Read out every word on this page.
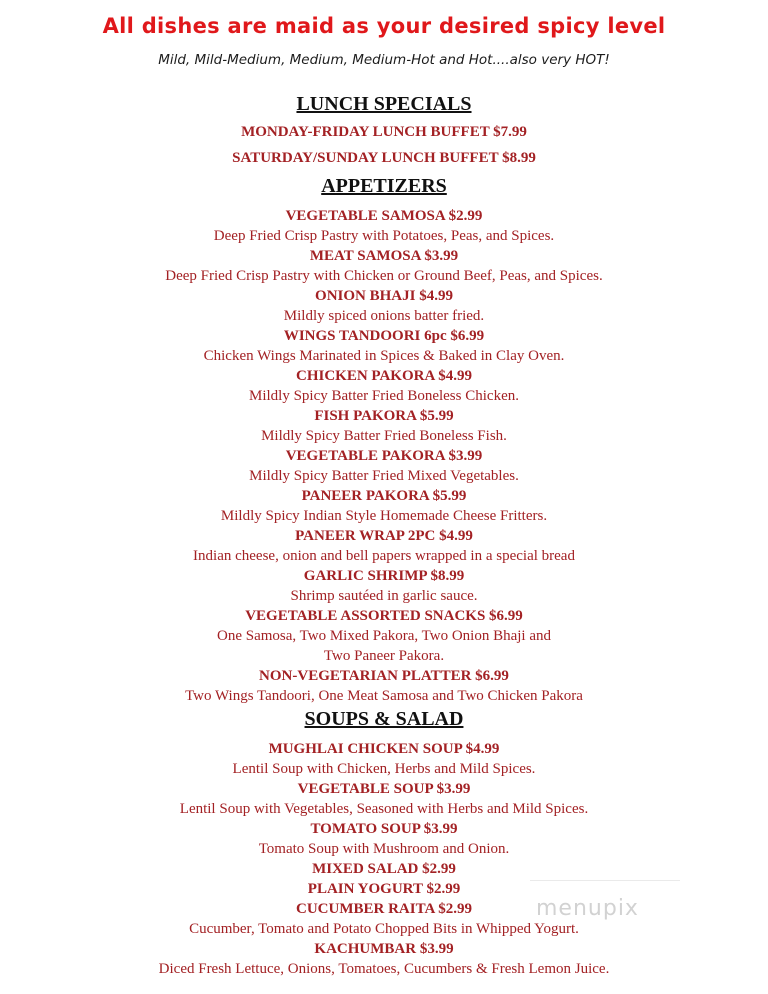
All dishes are maid as your desired spicy level
Mild, Mild-Medium, Medium, Medium-Hot and Hot....also very HOT!
LUNCH SPECIALS
MONDAY-FRIDAY LUNCH BUFFET $7.99
SATURDAY/SUNDAY LUNCH BUFFET $8.99
APPETIZERS
VEGETABLE SAMOSA $2.99
Deep Fried Crisp Pastry with Potatoes, Peas, and Spices.
MEAT SAMOSA $3.99
Deep Fried Crisp Pastry with Chicken or Ground Beef, Peas, and Spices.
ONION BHAJI $4.99
Mildly spiced onions batter fried.
WINGS TANDOORI 6pc $6.99
Chicken Wings Marinated in Spices & Baked in Clay Oven.
CHICKEN PAKORA $4.99
Mildly Spicy Batter Fried Boneless Chicken.
FISH PAKORA $5.99
Mildly Spicy Batter Fried Boneless Fish.
VEGETABLE PAKORA $3.99
Mildly Spicy Batter Fried Mixed Vegetables.
PANEER PAKORA $5.99
Mildly Spicy Indian Style Homemade Cheese Fritters.
PANEER WRAP 2PC $4.99
Indian cheese, onion and bell papers wrapped in a special bread
GARLIC SHRIMP $8.99
Shrimp sautéed in garlic sauce.
VEGETABLE ASSORTED SNACKS $6.99
One Samosa, Two Mixed Pakora, Two Onion Bhaji and
Two Paneer Pakora.
NON-VEGETARIAN PLATTER $6.99
Two Wings Tandoori, One Meat Samosa and Two Chicken Pakora
SOUPS & SALAD
MUGHLAI CHICKEN SOUP $4.99
Lentil Soup with Chicken, Herbs and Mild Spices.
VEGETABLE SOUP $3.99
Lentil Soup with Vegetables, Seasoned with Herbs and Mild Spices.
TOMATO SOUP $3.99
Tomato Soup with Mushroom and Onion.
MIXED SALAD $2.99
PLAIN YOGURT $2.99
CUCUMBER RAITA $2.99
Cucumber, Tomato and Potato Chopped Bits in Whipped Yogurt.
KACHUMBAR $3.99
Diced Fresh Lettuce, Onions, Tomatoes, Cucumbers & Fresh Lemon Juice.
menupix
